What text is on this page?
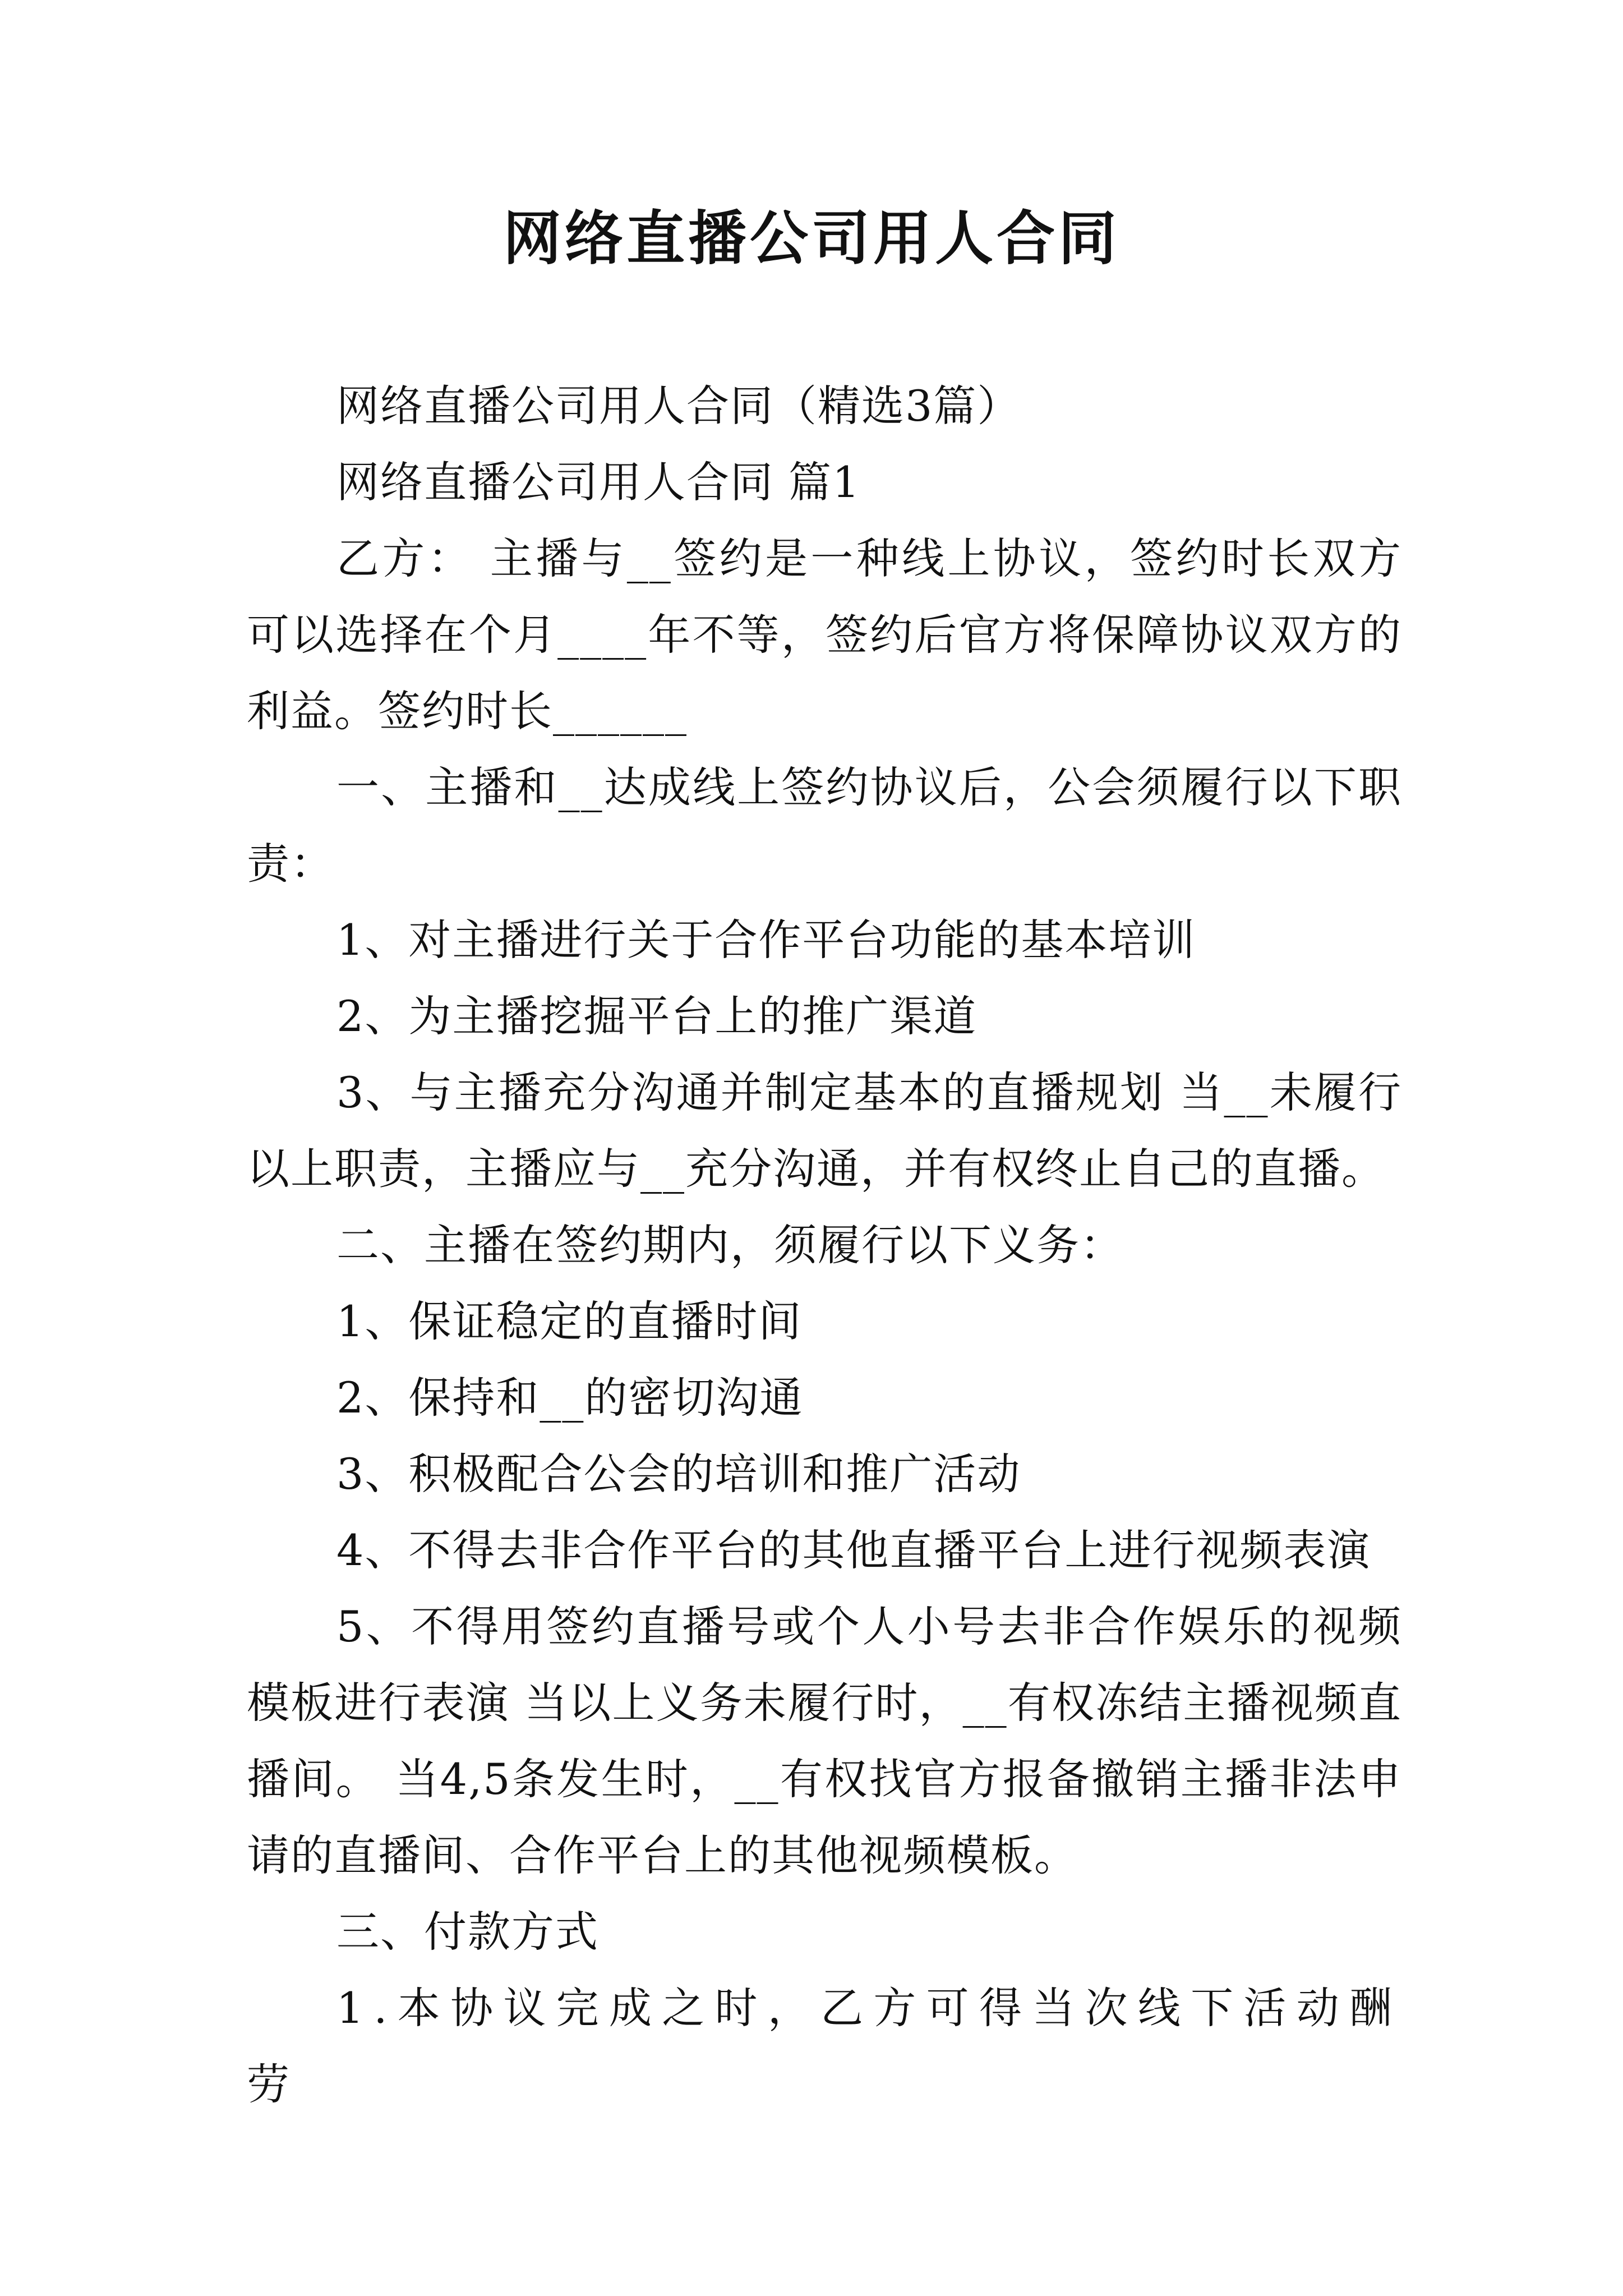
网络直播公司用人合同

网络直播公司用人合同（精选3篇）

网络直播公司用人合同 篇1

乙方： 主播与__签约是一种线上协议，签约时长双方可以选择在个月____年不等，签约后官方将保障协议双方的利益。签约时长______

一、主播和__达成线上签约协议后，公会须履行以下职责：

1、对主播进行关于合作平台功能的基本培训

2、为主播挖掘平台上的推广渠道

3、与主播充分沟通并制定基本的直播规划 当__未履行以上职责，主播应与__充分沟通，并有权终止自己的直播。

二、主播在签约期内，须履行以下义务：

1、保证稳定的直播时间

2、保持和__的密切沟通

3、积极配合公会的培训和推广活动

4、不得去非合作平台的其他直播平台上进行视频表演

5、不得用签约直播号或个人小号去非合作娱乐的视频模板进行表演 当以上义务未履行时，__有权冻结主播视频直播间。 当4,5条发生时，__有权找官方报备撤销主播非法申请的直播间、合作平台上的其他视频模板。

三、付款方式

1.本协议完成之时，乙方可得当次线下活动酬劳
